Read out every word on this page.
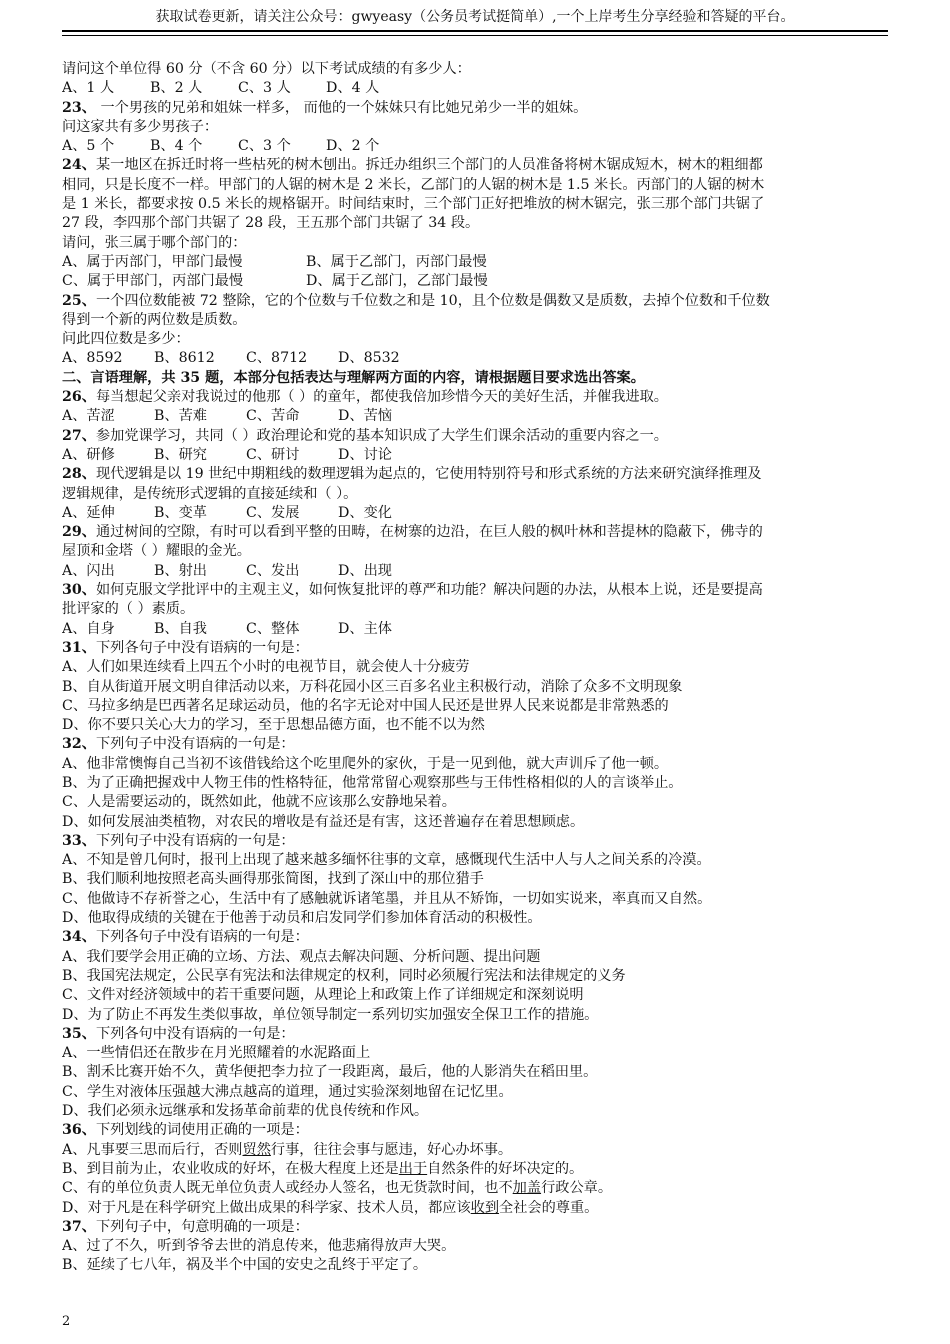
获取试卷更新，请关注公众号：gwyeasy（公务员考试挺简单）,一个上岸考生分享经验和答疑的平台。
请问这个单位得 60 分（不含 60 分）以下考试成绩的有多少人：
A、1 人	B、2 人	C、3 人 D、4 人
23、 一个男孩的兄弟和姐妹一样多， 而他的一个妹妹只有比她兄弟少一半的姐妹。
问这家共有多少男孩子：
A、5 个	B、4 个	C、3 个 D、2 个
24、某一地区在拆迁时将一些枯死的树木刨出。拆迁办组织三个部门的人员准备将树木锯成短木，树木的粗细都
相同，只是长度不一样。甲部门的人锯的树木是 2 米长，乙部门的人锯的树木是 1.5 米长。丙部门的人锯的树木
是 1 米长，都要求按 0.5 米长的规格锯开。时间结束时，三个部门正好把堆放的树木锯完，张三那个部门共锯了
27 段，李四那个部门共锯了 28 段，王五那个部门共锯了 34 段。
请问，张三属于哪个部门的：
A、属于丙部门，甲部门最慢	B、属于乙部门，丙部门最慢
C、属于甲部门，丙部门最慢	D、属于乙部门，乙部门最慢
25、一个四位数能被 72 整除，它的个位数与千位数之和是 10，且个位数是偶数又是质数，去掉个位数和千位数
得到一个新的两位数是质数。
问此四位数是多少：
A、8592 B、8612 C、8712 D、8532
二、言语理解，共 35 题，本部分包括表达与理解两方面的内容，请根据题目要求选出答案。
26、每当想起父亲对我说过的他那（ ）的童年，都使我倍加珍惜今天的美好生活，并催我进取。
A、苦涩	B、苦难	C、苦命	D、苦恼
27、参加党课学习，共同（ ）政治理论和党的基本知识成了大学生们课余活动的重要内容之一。
A、研修	B、研究	C、研讨	D、讨论
28、现代逻辑是以 19 世纪中期粗线的数理逻辑为起点的，它使用特别符号和形式系统的方法来研究演绎推理及
逻辑规律，是传统形式逻辑的直接延续和（ ）。
A、延伸	B、变革	C、发展	D、变化
29、通过树间的空隙，有时可以看到平整的田畴，在树寨的边沿，在巨人般的枫叶林和菩提林的隐蔽下，佛寺的
屋顶和金塔（ ）耀眼的金光。
A、闪出	B、射出	C、发出	D、出现
30、如何克服文学批评中的主观主义，如何恢复批评的尊严和功能？解决问题的办法，从根本上说，还是要提高
批评家的（ ）素质。
A、自身	B、自我	C、整体	D、主体
31、下列各句子中没有语病的一句是：
A、人们如果连续看上四五个小时的电视节目，就会使人十分疲劳
B、自从街道开展文明自律活动以来，万科花园小区三百多名业主积极行动，消除了众多不文明现象
C、马拉多纳是巴西著名足球运动员，他的名字无论对中国人民还是世界人民来说都是非常熟悉的
D、你不要只关心大力的学习，至于思想品德方面，也不能不以为然
32、下列句子中没有语病的一句是：
A、他非常懊悔自己当初不该借钱给这个吃里爬外的家伙，于是一见到他，就大声训斥了他一顿。
B、为了正确把握戏中人物王伟的性格特征，他常常留心观察那些与王伟性格相似的人的言谈举止。
C、人是需要运动的，既然如此，他就不应该那么安静地呆着。
D、如何发展油类植物，对农民的增收是有益还是有害，这还普遍存在着思想顾虑。
33、下列句子中没有语病的一句是：
A、不知是曾几何时，报刊上出现了越来越多缅怀往事的文章，感慨现代生活中人与人之间关系的冷漠。
B、我们顺利地按照老高头画得那张简图，找到了深山中的那位猎手
C、他做诗不存祈誉之心，生活中有了感触就诉诸笔墨，并且从不矫饰，一切如实说来，率真而又自然。
D、他取得成绩的关键在于他善于动员和启发同学们参加体育活动的积极性。
34、下列各句子中没有语病的一句是：
A、我们要学会用正确的立场、方法、观点去解决问题、分析问题、提出问题
B、我国宪法规定，公民享有宪法和法律规定的权利，同时必须履行宪法和法律规定的义务
C、文件对经济领域中的若干重要问题，从理论上和政策上作了详细规定和深刻说明
D、为了防止不再发生类似事故，单位领导制定一系列切实加强安全保卫工作的措施。
35、下列各句中没有语病的一句是：
A、一些情侣还在散步在月光照耀着的水泥路面上
B、割禾比赛开始不久，黄华便把李力拉了一段距离，最后，他的人影消失在稻田里。
C、学生对液体压强越大沸点越高的道理，通过实验深刻地留在记忆里。
D、我们必须永远继承和发扬革命前辈的优良传统和作风。
36、下列划线的词使用正确的一项是：
A、凡事要三思而后行，否则贸然行事，往往会事与愿违，好心办坏事。
B、到目前为止，农业收成的好坏，在极大程度上还是出于自然条件的好坏决定的。
C、有的单位负责人既无单位负责人或经办人签名，也无货款时间，也不加盖行政公章。
D、对于凡是在科学研究上做出成果的科学家、技术人员，都应该收到全社会的尊重。
37、下列句子中，句意明确的一项是：
A、过了不久，听到爷爷去世的消息传来，他悲痛得放声大哭。
B、延续了七八年，祸及半个中国的安史之乱终于平定了。
2
